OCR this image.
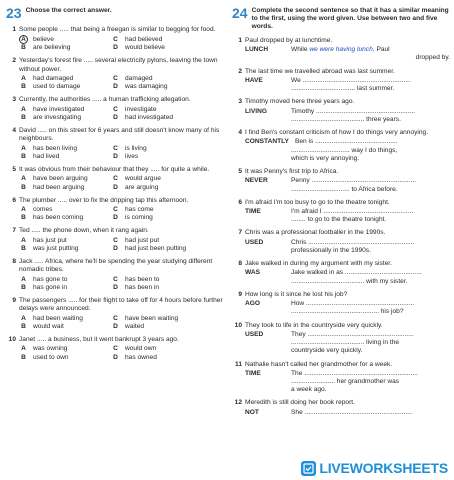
23 Choose the correct answer.
1 Some people ..... that being a freegan is similar to begging for food.
A	believe	C	had believed
B	are believing	D	would believe
2 Yesterday's forest fire ..... several electricity pylons, leaving the town without power.
A	had damaged	C	damaged
B	used to damage	D	was damaging
3 Currently, the authorities ..... a human trafficking allegation.
A	have investigated	C	investigate
B	are investigating	D	had investigated
4 David ..... on this street for 6 years and still doesn't know many of his neighbours.
A	has been living	C	is living
B	had lived	D	lives
5 It was obvious from their behaviour that they ..... for quite a while.
A	have been arguing	C	would argue
B	had been arguing	D	are arguing
6 The plumber ..... over to fix the dripping tap this afternoon.
A	comes	C	has come
B	has been coming	D	is coming
7 Ted ..... the phone down, when it rang again.
A	has just put	C	had just put
B	was just putting	D	had just been putting
8 Jack ..... Africa, where he'll be spending the year studying different nomadic tribes.
A	has gone to	C	has been to
B	has gone in	D	has been in
9 The passengers ..... for their flight to take off for 4 hours before further delays were announced.
A	had been waiting	C	have been waiting
B	would wait	D	waited
10 Janet ..... a business, but it went bankrupt 3 years ago.
A	was owning	C	would own
B	used to own	D	has owned
24 Complete the second sentence so that it has a similar meaning to the first, using the word given. Use between two and five words.
1 Paul dropped by at lunchtime.
LUNCH	While we were having lunch, Paul
dropped by.
2 The last time we travelled abroad was last summer.
HAVE	We ...........................................................
................................... last summer.
3 Timothy moved here three years ago.
LIVING	Timothy ......................................................
........................................ three years.
4 I find Ben's constant criticism of how I do things very annoying.
CONSTANTLY Ben is .............................................
................................ way I do things,
which is very annoying.
5 It was Penny's first trip to Africa.
NEVER	Penny .........................................................
................................ to Africa before.
6 I'm afraid I'm too busy to go to the theatre tonight.
TIME	I'm afraid I .................................................
........ to go to the theatre tonight.
7 Chris was a professional footballer in the 1990s.
USED	Chris ..........................................................
professionally in the 1990s.
8 Jake walked in during my argument with my sister.
WAS	Jake walked in as ..........................................
........................................ with my sister.
9 How long is it since he lost his job?
AGO	How ...........................................................
................................................ his job?
10 They took to life in the countryside very quickly.
USED	They ..........................................................
........................................ living in the
countryside very quickly.
11 Nathalie hasn't called her grandmother for a week.
TIME	The ..............................................................
........................ her grandmother was
a week ago.
12 Meredith is still doing her book report.
NOT	She ...........................................................
LIVEWORKSHEETS
